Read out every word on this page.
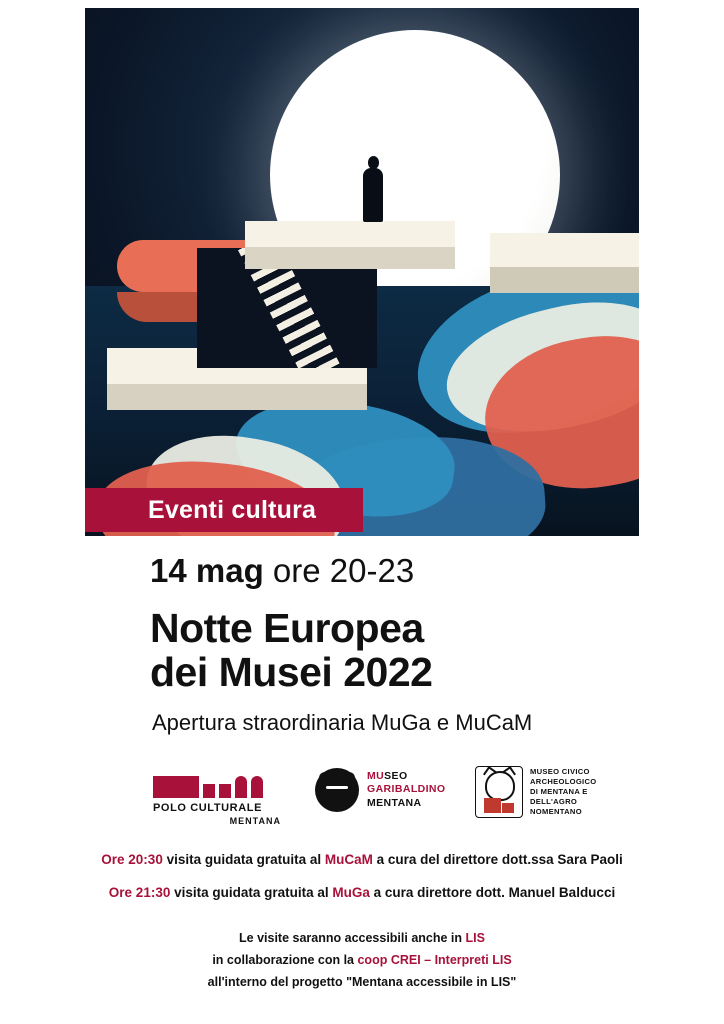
Eventi cultura
14 mag ore 20-23
Notte Europea
dei Musei 2022
Apertura straordinaria MuGa e MuCaM
POLO CULTURALE
MENTANA
MUSEO
GARIBALDINO
MENTANA
MUSEO CIVICO
ARCHEOLOGICO
DI MENTANA E
DELL'AGRO
NOMENTANO
Ore 20:30 visita guidata gratuita al MuCaM a cura del direttore dott.ssa Sara Paoli
Ore 21:30 visita guidata gratuita al MuGa a cura direttore dott. Manuel Balducci
Le visite saranno accessibili anche in LIS
in collaborazione con la coop CREI – Interpreti LIS
all'interno del progetto "Mentana accessibile in LIS"
